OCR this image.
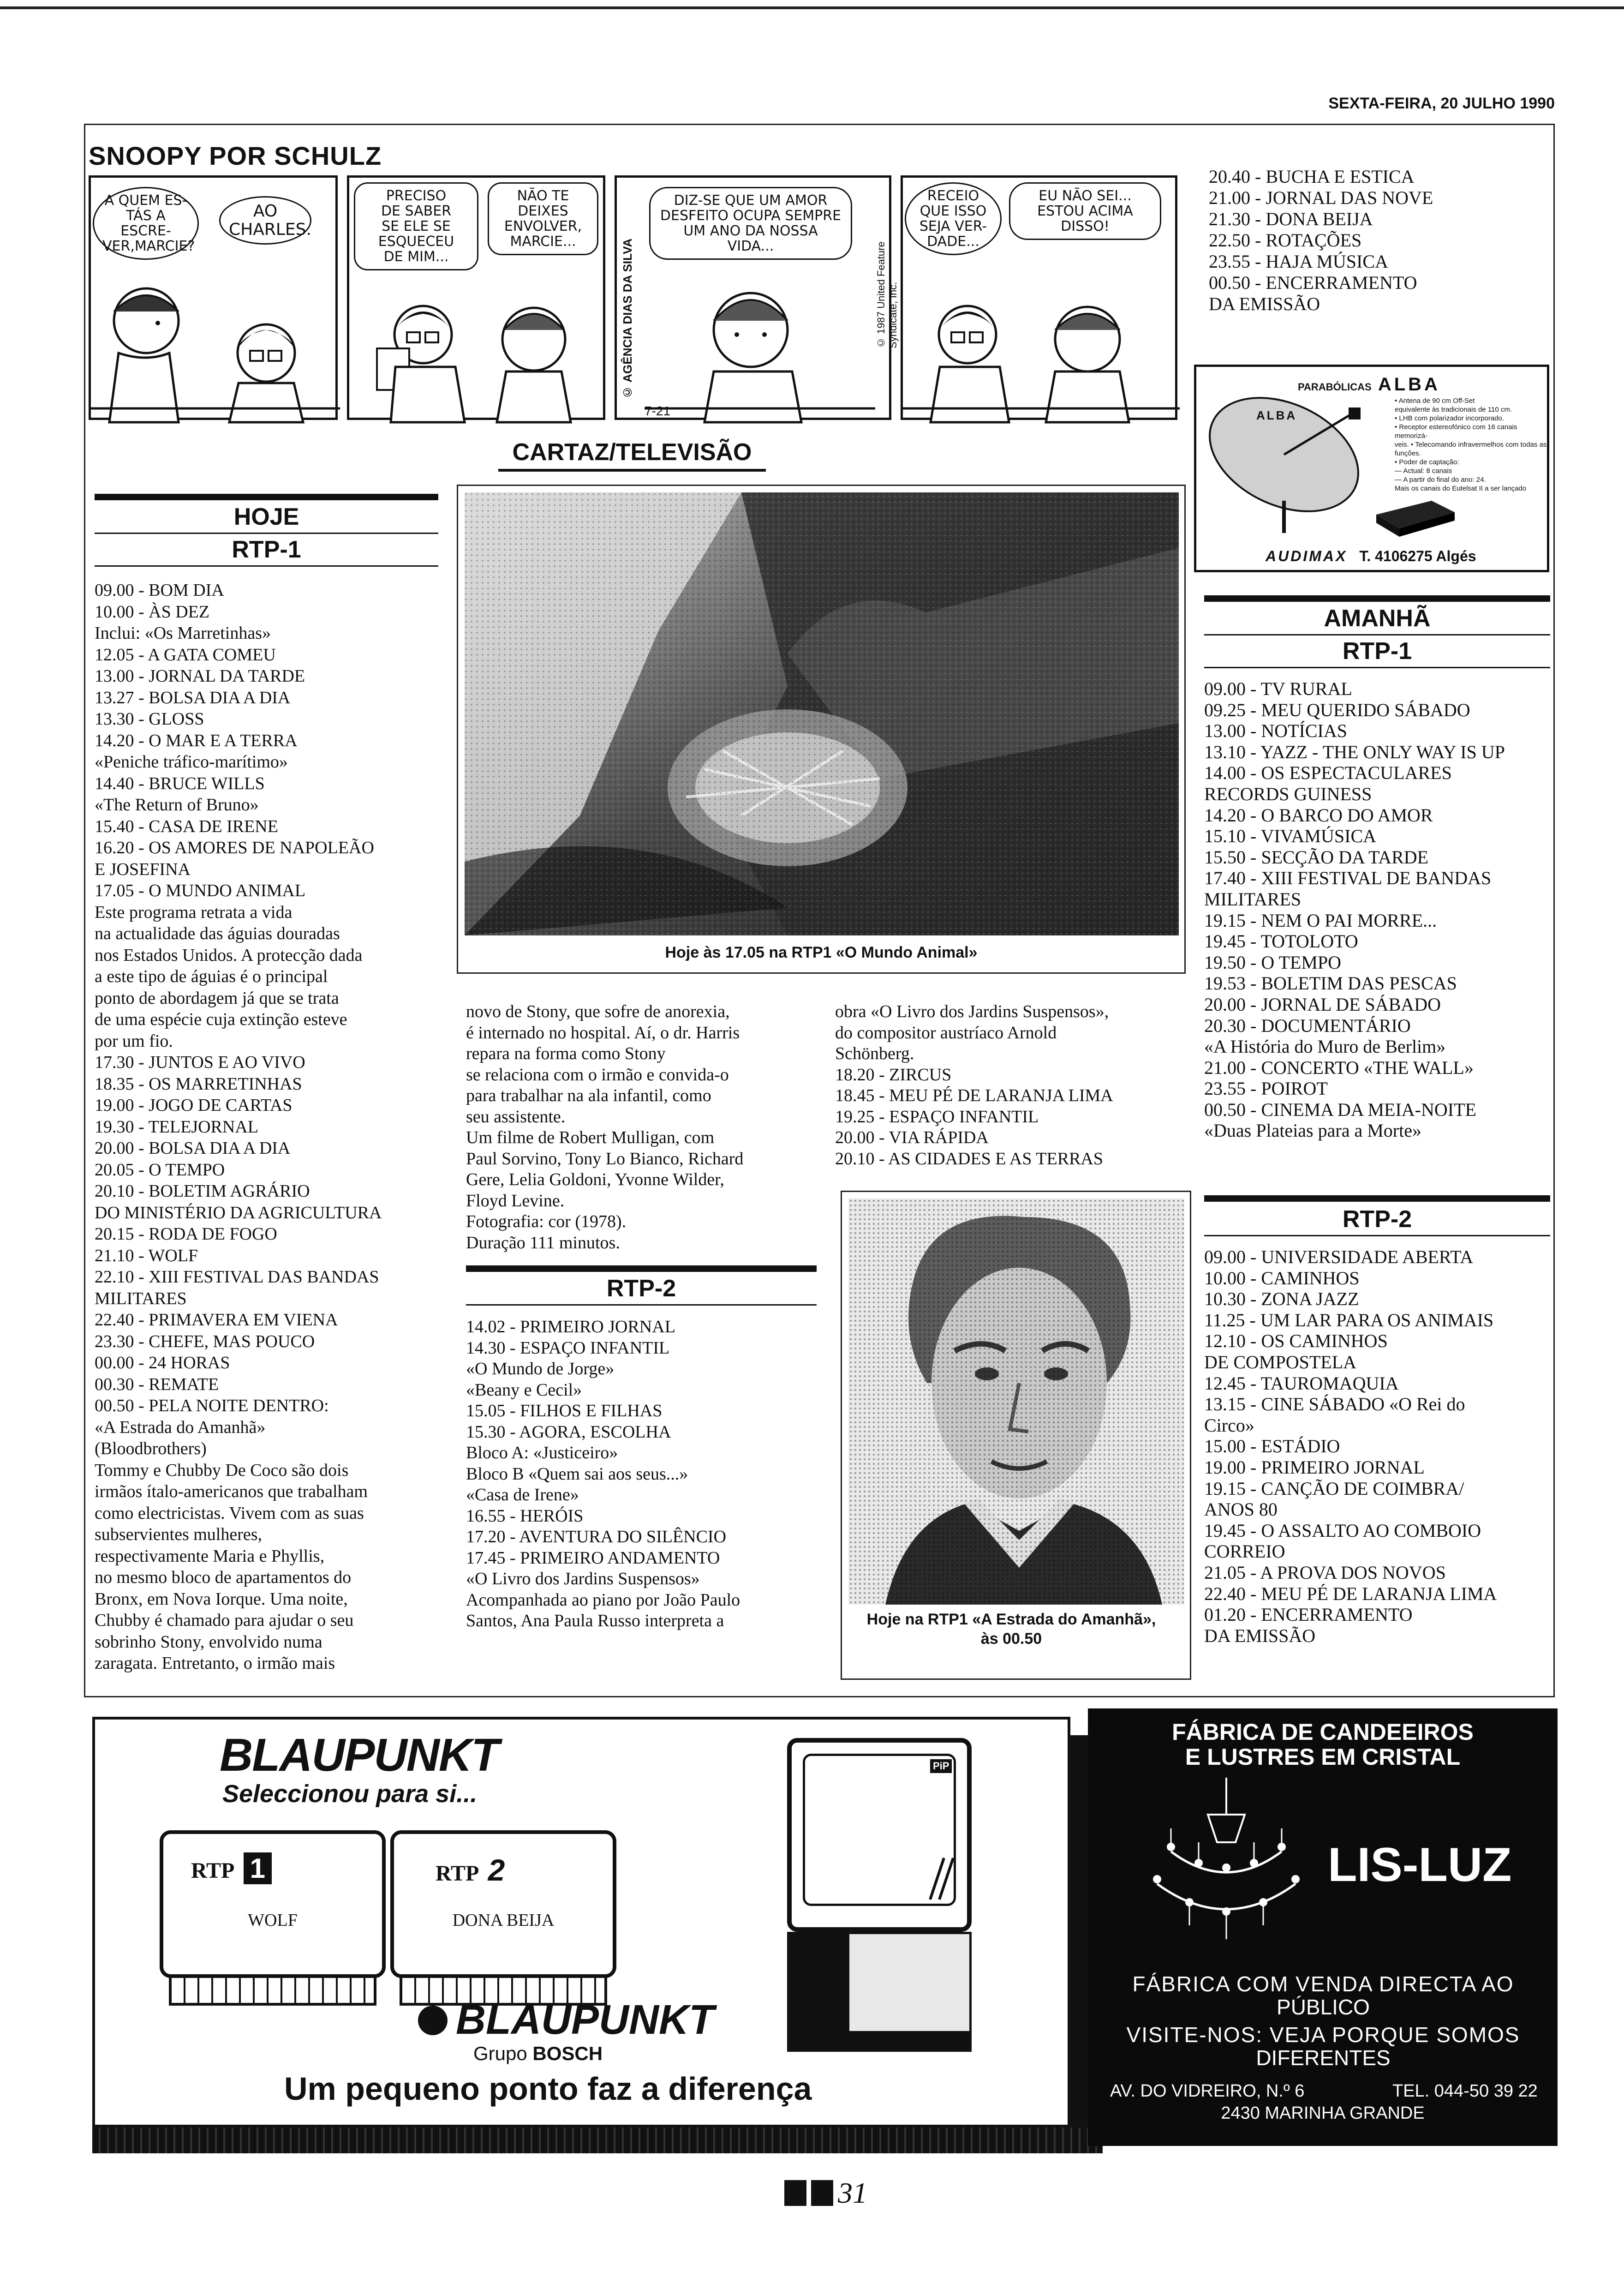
SEXTA-FEIRA, 20 JULHO 1990
SNOOPY POR SCHULZ
A QUEM ES-
TÁS A ESCRE-
VER,MARCIE?
AO
CHARLES.
PRECISO
DE SABER
SE ELE SE
ESQUECEU
DE MIM...
NÃO TE
DEIXES
ENVOLVER,
MARCIE...	© AGÊNCIA DIAS DA SILVA	© 1987 United Feature Syndicate, Inc.
DIZ-SE QUE UM AMOR
DESFEITO OCUPA SEMPRE
UM ANO DA NOSSA VIDA...
7-21
RECEIO
QUE ISSO
SEJA VER-
DADE...
EU NÃO SEI...
ESTOU ACIMA
DISSO!
CARTAZ/TELEVISÃO
HOJE
RTP-1
09.00 - BOM DIA
10.00 - ÀS DEZ
Inclui: «Os Marretinhas»
12.05 - A GATA COMEU
13.00 - JORNAL DA TARDE
13.27 - BOLSA DIA A DIA
13.30 - GLOSS
14.20 - O MAR E A TERRA
«Peniche tráfico-marítimo»
14.40 - BRUCE WILLS
«The Return of Bruno»
15.40 - CASA DE IRENE
16.20 - OS AMORES DE NAPOLEÃO
E JOSEFINA
17.05 - O MUNDO ANIMAL
Este programa retrata a vida
na actualidade das águias douradas
nos Estados Unidos. A protecção dada
a este tipo de águias é o principal
ponto de abordagem já que se trata
de uma espécie cuja extinção esteve
por um fio.
17.30 - JUNTOS E AO VIVO
18.35 - OS MARRETINHAS
19.00 - JOGO DE CARTAS
19.30 - TELEJORNAL
20.00 - BOLSA DIA A DIA
20.05 - O TEMPO
20.10 - BOLETIM AGRÁRIO
DO MINISTÉRIO DA AGRICULTURA
20.15 - RODA DE FOGO
21.10 - WOLF
22.10 - XIII FESTIVAL DAS BANDAS
MILITARES
22.40 - PRIMAVERA EM VIENA
23.30 - CHEFE, MAS POUCO
00.00 - 24 HORAS
00.30 - REMATE
00.50 - PELA NOITE DENTRO:
«A Estrada do Amanhã»
(Bloodbrothers)
Tommy e Chubby De Coco são dois
irmãos ítalo-americanos que trabalham
como electricistas. Vivem com as suas
subservientes mulheres,
respectivamente Maria e Phyllis,
no mesmo bloco de apartamentos do
Bronx, em Nova Iorque. Uma noite,
Chubby é chamado para ajudar o seu
sobrinho Stony, envolvido numa
zaragata. Entretanto, o irmão mais
Hoje às 17.05 na RTP1 «O Mundo Animal»
novo de Stony, que sofre de anorexia,
é internado no hospital. Aí, o dr. Harris
repara na forma como Stony
se relaciona com o irmão e convida-o
para trabalhar na ala infantil, como
seu assistente.
Um filme de Robert Mulligan, com
Paul Sorvino, Tony Lo Bianco, Richard
Gere, Lelia Goldoni, Yvonne Wilder,
Floyd Levine.
Fotografia: cor (1978).
Duração 111 minutos.
RTP-2
14.02 - PRIMEIRO JORNAL
14.30 - ESPAÇO INFANTIL
«O Mundo de Jorge»
«Beany e Cecil»
15.05 - FILHOS E FILHAS
15.30 - AGORA, ESCOLHA
Bloco A: «Justiceiro»
Bloco B «Quem sai aos seus...»
«Casa de Irene»
16.55 - HERÓIS
17.20 - AVENTURA DO SILÊNCIO
17.45 - PRIMEIRO ANDAMENTO
«O Livro dos Jardins Suspensos»
Acompanhada ao piano por João Paulo
Santos, Ana Paula Russo interpreta a
obra «O Livro dos Jardins Suspensos»,
do compositor austríaco Arnold
Schönberg.
18.20 - ZIRCUS
18.45 - MEU PÉ DE LARANJA LIMA
19.25 - ESPAÇO INFANTIL
20.00 - VIA RÁPIDA
20.10 - AS CIDADES E AS TERRAS
Hoje na RTP1 «A Estrada do Amanhã», às 00.50
20.40 - BUCHA E ESTICA
21.00 - JORNAL DAS NOVE
21.30 - DONA BEIJA
22.50 - ROTAÇÕES
23.55 - HAJA MÚSICA
00.50 - ENCERRAMENTO
DA EMISSÃO
ALBA
PARABÓLICAS ALBA
• Antena de 90 cm Off-Set
equivalente às tradicionais de 110 cm.
• LHB com polarizador incorporado.
• Receptor estereofónico com 16 canais memorizá-
veis. • Telecomando infravermelhos com todas as
funções.
• Poder de captação:
— Actual: 8 canais
— A partir do final do ano: 24.
Mais os canais do Eutelsat II a ser lançado
AUDIMAX T. 4106275 Algés
AMANHÃ
RTP-1
09.00 - TV RURAL
09.25 - MEU QUERIDO SÁBADO
13.00 - NOTÍCIAS
13.10 - YAZZ - THE ONLY WAY IS UP
14.00 - OS ESPECTACULARES
RECORDS GUINESS
14.20 - O BARCO DO AMOR
15.10 - VIVAMÚSICA
15.50 - SECÇÃO DA TARDE
17.40 - XIII FESTIVAL DE BANDAS
MILITARES
19.15 - NEM O PAI MORRE...
19.45 - TOTOLOTO
19.50 - O TEMPO
19.53 - BOLETIM DAS PESCAS
20.00 - JORNAL DE SÁBADO
20.30 - DOCUMENTÁRIO
«A História do Muro de Berlim»
21.00 - CONCERTO «THE WALL»
23.55 - POIROT
00.50 - CINEMA DA MEIA-NOITE
«Duas Plateias para a Morte»
RTP-2
09.00 - UNIVERSIDADE ABERTA
10.00 - CAMINHOS
10.30 - ZONA JAZZ
11.25 - UM LAR PARA OS ANIMAIS
12.10 - OS CAMINHOS
DE COMPOSTELA
12.45 - TAUROMAQUIA
13.15 - CINE SÁBADO «O Rei do
Circo»
15.00 - ESTÁDIO
19.00 - PRIMEIRO JORNAL
19.15 - CANÇÃO DE COIMBRA/
ANOS 80
19.45 - O ASSALTO AO COMBOIO
CORREIO
21.05 - A PROVA DOS NOVOS
22.40 - MEU PÉ DE LARANJA LIMA
01.20 - ENCERRAMENTO
DA EMISSÃO
BLAUPUNKT
Seleccionou para si...
RTP 1
WOLF
RTP 2
DONA BEIJA
PiP
BLAUPUNKT
Grupo BOSCH
Um pequeno ponto faz a diferença
FÁBRICA DE CANDEEIROS
E LUSTRES EM CRISTAL
LIS-LUZ
FÁBRICA COM VENDA DIRECTA AO
PÚBLICO
VISITE-NOS: VEJA PORQUE SOMOS
DIFERENTES
AV. DO VIDREIRO, N.º 6	TEL. 044-50 39 22
2430 MARINHA GRANDE
31
